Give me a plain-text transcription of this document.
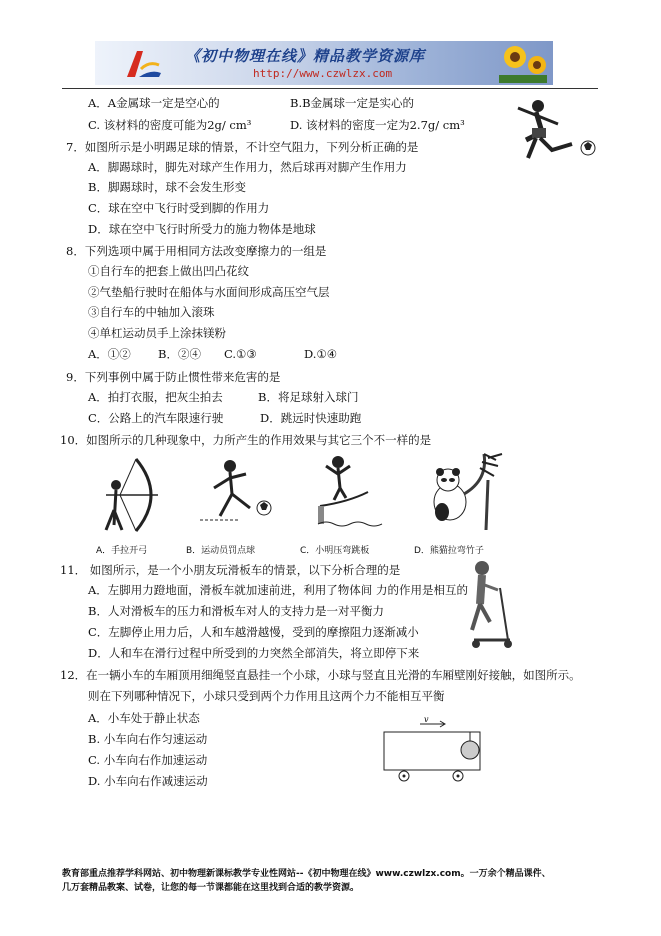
《初中物理在线》精品教学资源库
http://www.czwlzx.com
A．A金属球一定是空心的	B.B金属球一定是实心的
C. 该材料的密度可能为2g/ cm³	D. 该材料的密度一定为2.7g/ cm³
7．如图所示是小明踢足球的情景，不计空气阻力，下列分析正确的是
A．脚踢球时，脚先对球产生作用力，然后球再对脚产生作用力
B．脚踢球时，球不会发生形变
C．球在空中飞行时受到脚的作用力
D．球在空中飞行时所受力的施力物体是地球
8．下列选项中属于用相同方法改变摩擦力的一组是
①自行车的把套上做出凹凸花纹
②气垫船行驶时在船体与水面间形成高压空气层
③自行车的中轴加入滚珠
④单杠运动员手上涂抹镁粉
A．①② B．②④ C.①③	D.①④
9．下列事例中属于防止惯性带来危害的是
A．拍打衣服，把灰尘拍去	B．将足球射入球门
C．公路上的汽车限速行驶	D．跳远时快速助跑
10．如图所示的几种现象中，力所产生的作用效果与其它三个不一样的是
A．手拉开弓	B．运动员罚点球	C．小明压弯跳板	D．熊猫拉弯竹子
11． 如图所示，是一个小朋友玩滑板车的情景，以下分析合理的是
A．左脚用力蹬地面，滑板车就加速前进，利用了物体间 力的作用是相互的
B．人对滑板车的压力和滑板车对人的支持力是一对平衡力
C．左脚停止用力后，人和车越滑越慢，受到的摩擦阻力逐渐减小
D．人和车在滑行过程中所受到的力突然全部消失，将立即停下来
12．在一辆小车的车厢顶用细绳竖直悬挂一个小球，小球与竖直且光滑的车厢壁刚好接触，如图所示。
则在下列哪种情况下，小球只受到两个力作用且这两个力不能相互平衡
A．小车处于静止状态
B. 小车向右作匀速运动
C. 小车向右作加速运动
D. 小车向右作减速运动
v
教育部重点推荐学科网站、初中物理新课标教学专业性网站--《初中物理在线》www.czwlzx.com。一万余个精品课件、
几万套精品教案、试卷，让您的每一节课都能在这里找到合适的教学资源。
